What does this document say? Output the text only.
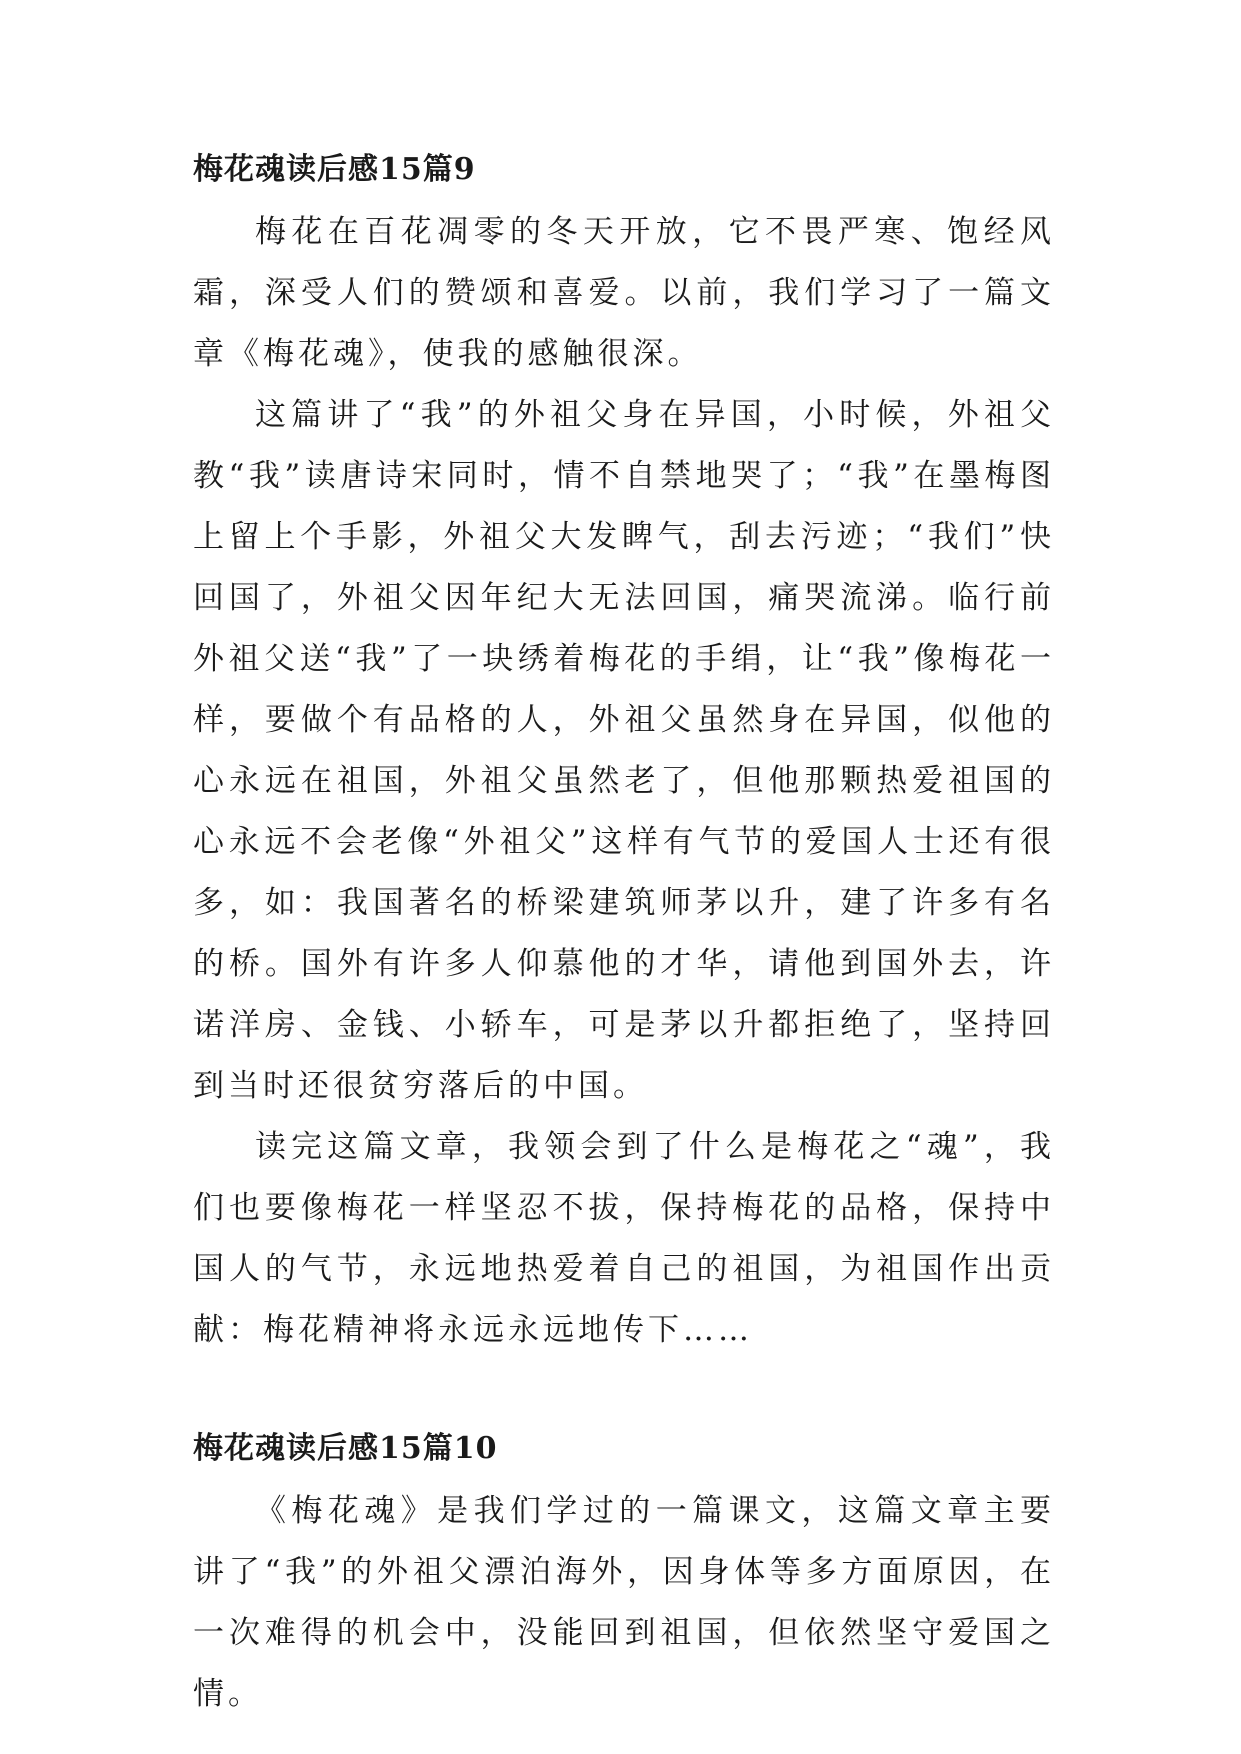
梅花魂读后感15篇9

梅花在百花凋零的冬天开放，它不畏严寒、饱经风霜，深受人们的赞颂和喜爱。以前，我们学习了一篇文章《梅花魂》，使我的感触很深。

这篇讲了“我”的外祖父身在异国，小时候，外祖父教“我”读唐诗宋同时，情不自禁地哭了；“我”在墨梅图上留上个手影，外祖父大发睥气，刮去污迹；“我们”快回国了，外祖父因年纪大无法回国，痛哭流涕。临行前外祖父送“我”了一块绣着梅花的手绢，让“我”像梅花一样，要做个有品格的人，外祖父虽然身在异国，似他的心永远在祖国，外祖父虽然老了，但他那颗热爱祖国的心永远不会老像“外祖父”这样有气节的爱国人士还有很多，如：我国著名的桥梁建筑师茅以升，建了许多有名的桥。国外有许多人仰慕他的才华，请他到国外去，许诺洋房、金钱、小轿车，可是茅以升都拒绝了，坚持回到当时还很贫穷落后的中国。

读完这篇文章，我领会到了什么是梅花之“魂”，我们也要像梅花一样坚忍不拔，保持梅花的品格，保持中国人的气节，永远地热爱着自己的祖国，为祖国作出贡献：梅花精神将永远永远地传下……

梅花魂读后感15篇10

《梅花魂》是我们学过的一篇课文，这篇文章主要讲了“我”的外祖父漂泊海外，因身体等多方面原因，在一次难得的机会中，没能回到祖国，但依然坚守爱国之情。
